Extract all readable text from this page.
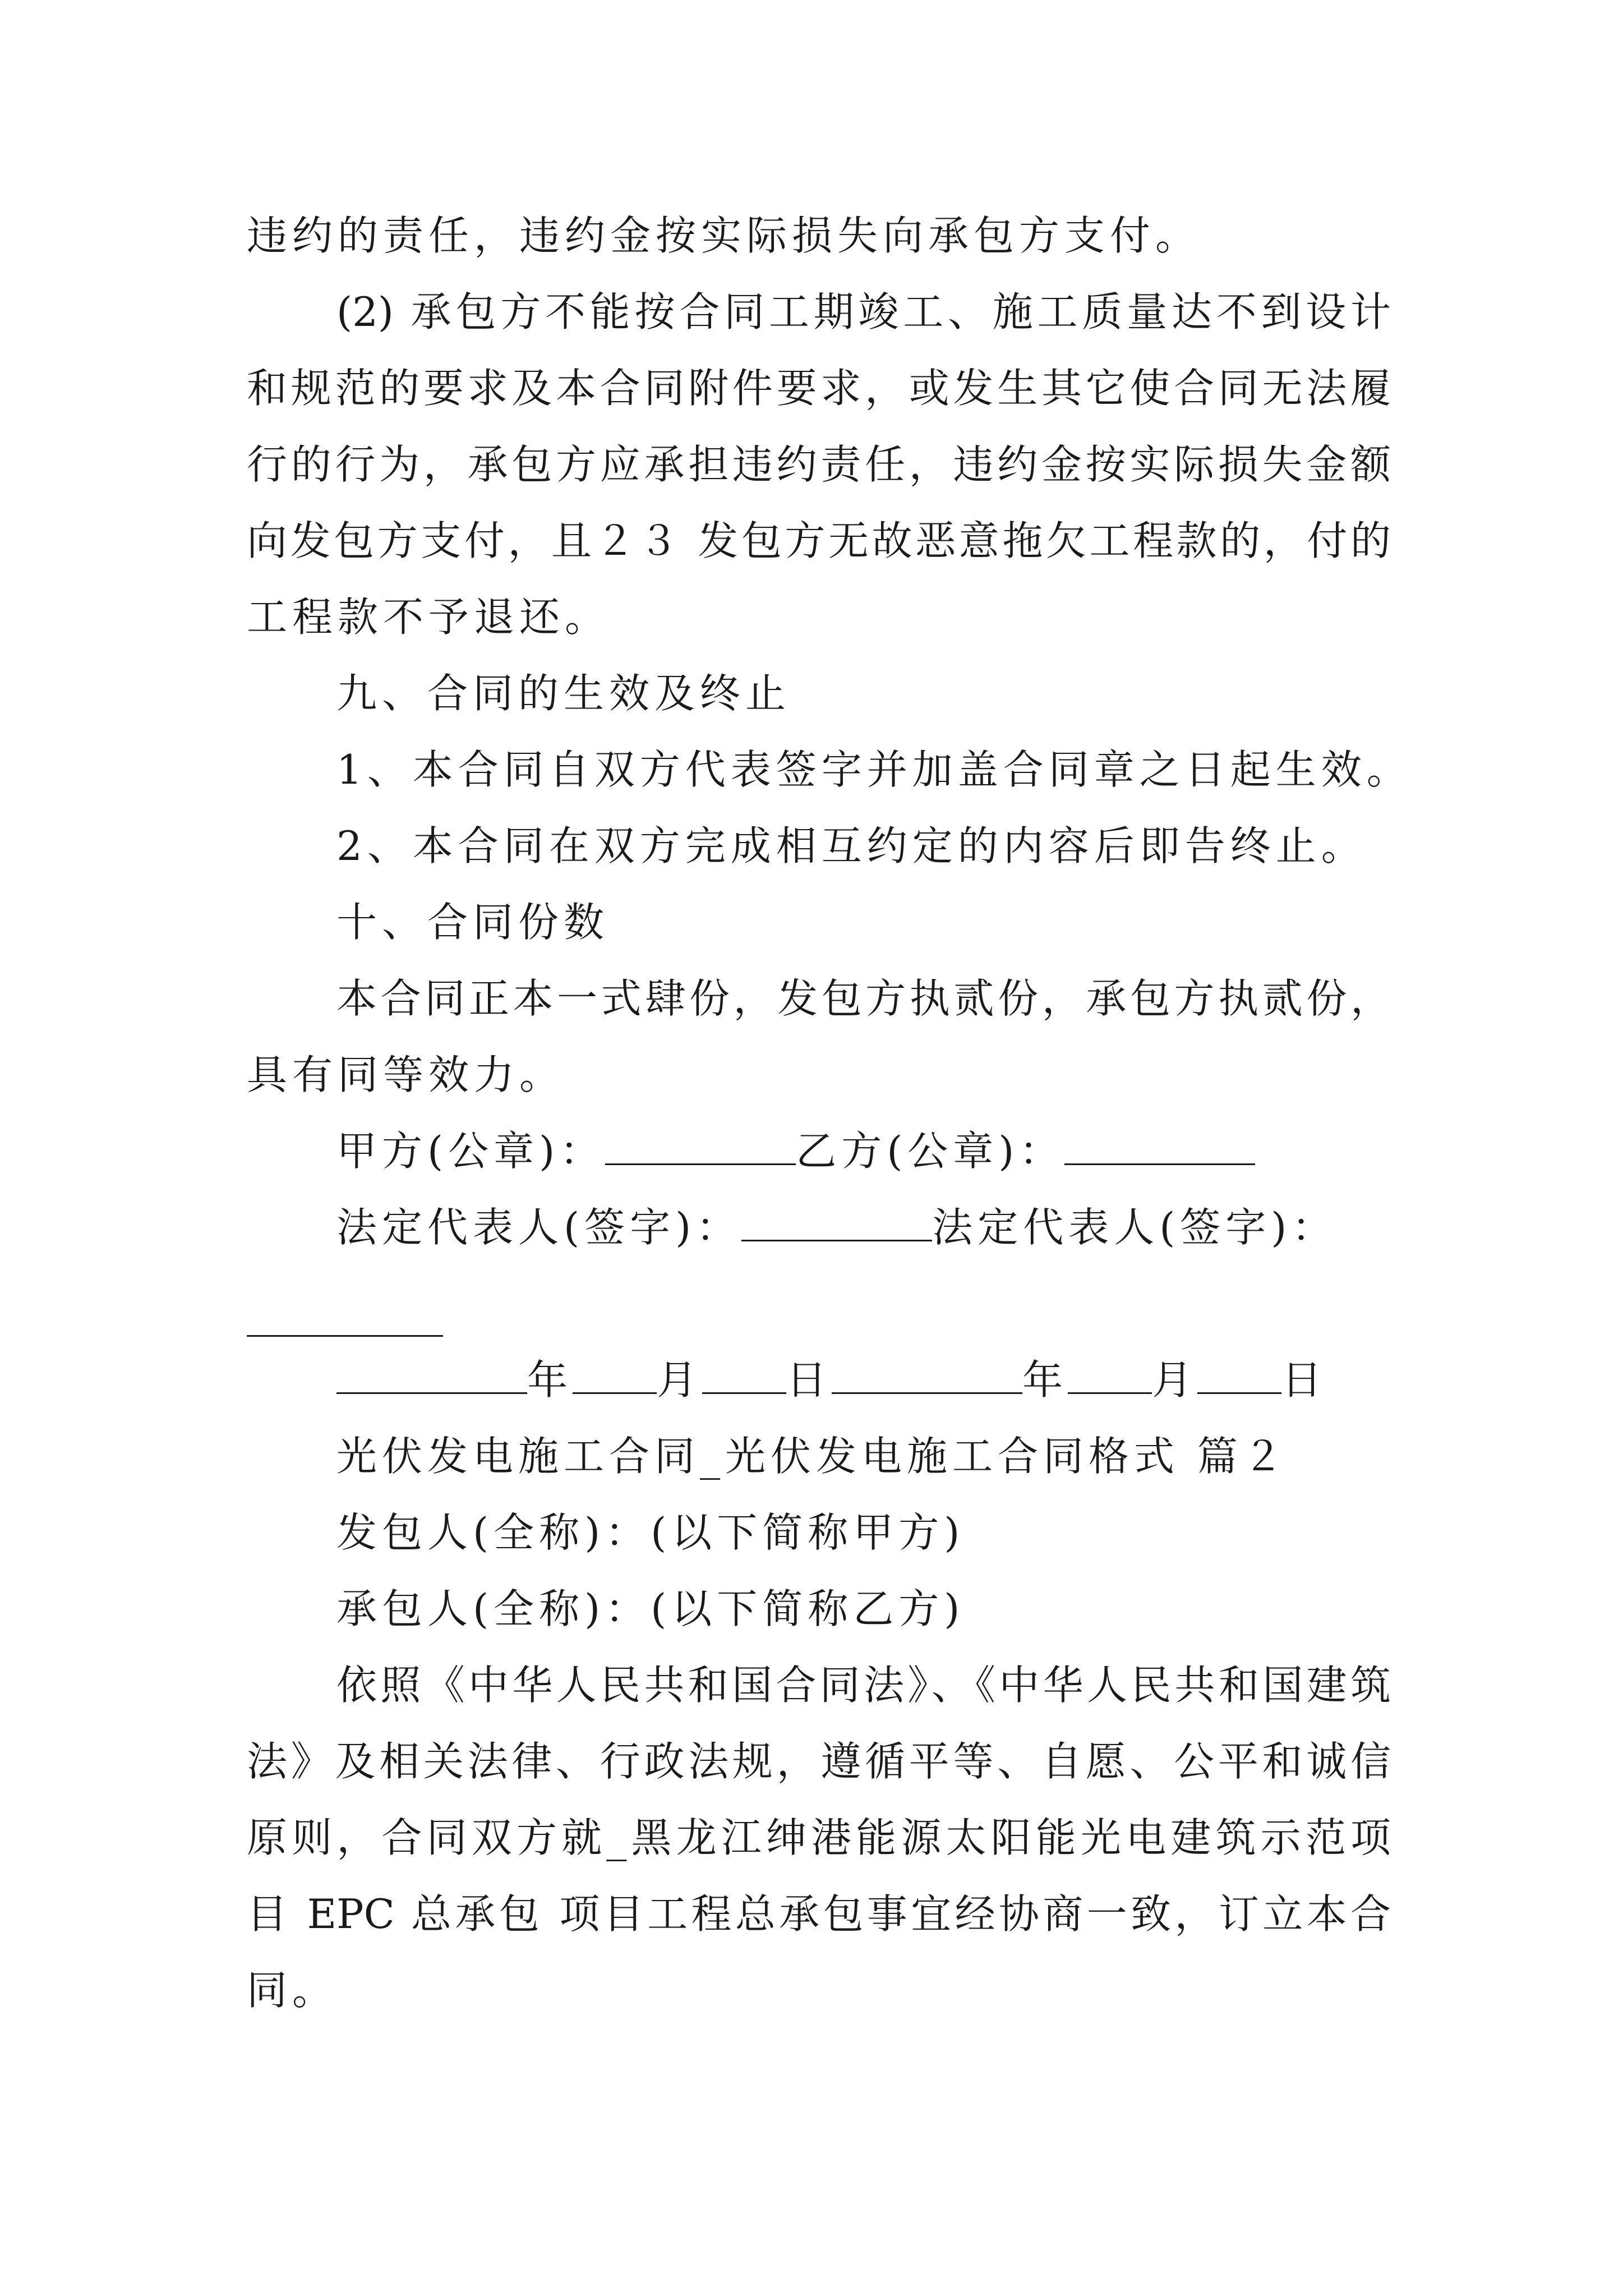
违约的责任，违约金按实际损失向承包方支付。
(2) 承包方不能按合同工期竣工、施工质量达不到设计
和规范的要求及本合同附件要求，或发生其它使合同无法履
行的行为，承包方应承担违约责任，违约金按实际损失金额
向发包方支付，且２３ 发包方无故恶意拖欠工程款的，付的
工程款不予退还。
九、合同的生效及终止
1、本合同自双方代表签字并加盖合同章之日起生效。
2、本合同在双方完成相互约定的内容后即告终止。
十、合同份数
本合同正本一式肆份，发包方执贰份，承包方执贰份，
具有同等效力。
甲方(公章)：	乙方(公章)：
法定代表人(签字)：	法定代表人(签字)：
年 月 日	年 月 日
光伏发电施工合同_光伏发电施工合同格式 篇２
发包人(全称)：(以下简称甲方)
承包人(全称)：(以下简称乙方)
依照《中华人民共和国合同法》、《中华人民共和国建筑
法》及相关法律、行政法规，遵循平等、自愿、公平和诚信
原则，合同双方就_黑龙江绅港能源太阳能光电建筑示范项
目 EPC 总承包 项目工程总承包事宜经协商一致，订立本合
同。
